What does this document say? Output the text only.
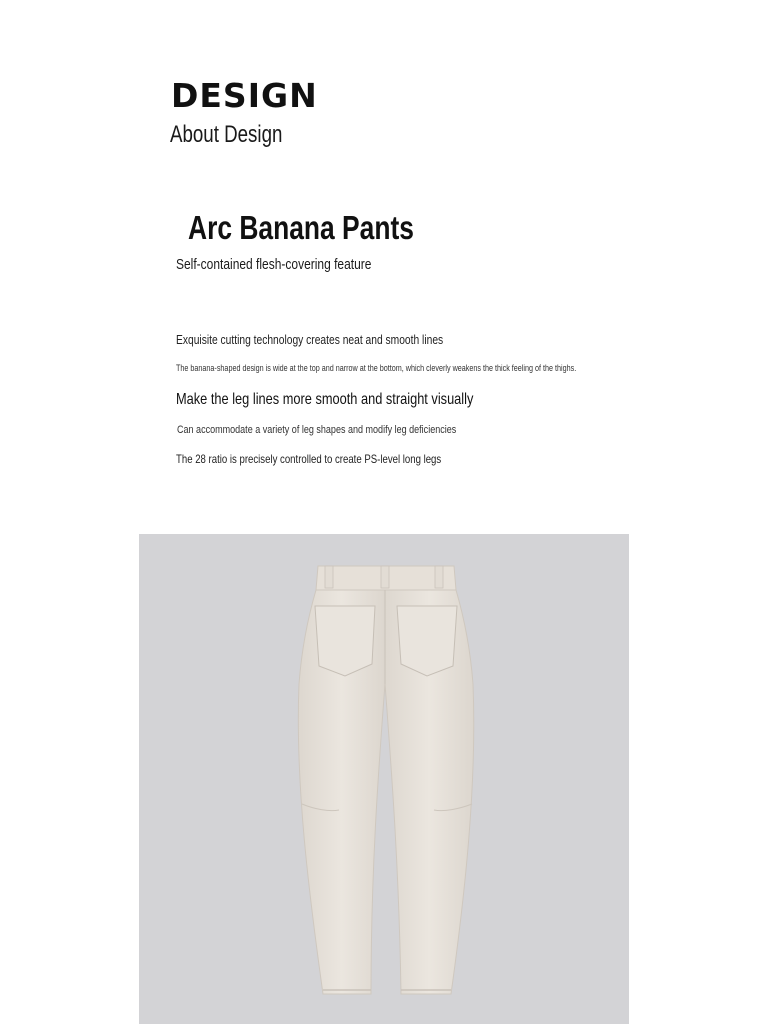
DESIGN

About Design

Arc Banana Pants

Self-contained flesh-covering feature

Exquisite cutting technology creates neat and smooth lines

The banana-shaped design is wide at the top and narrow at the bottom, which cleverly weakens the thick feeling of the thighs.

Make the leg lines more smooth and straight visually

Can accommodate a variety of leg shapes and modify leg deficiencies

The 28 ratio is precisely controlled to create PS-level long legs
